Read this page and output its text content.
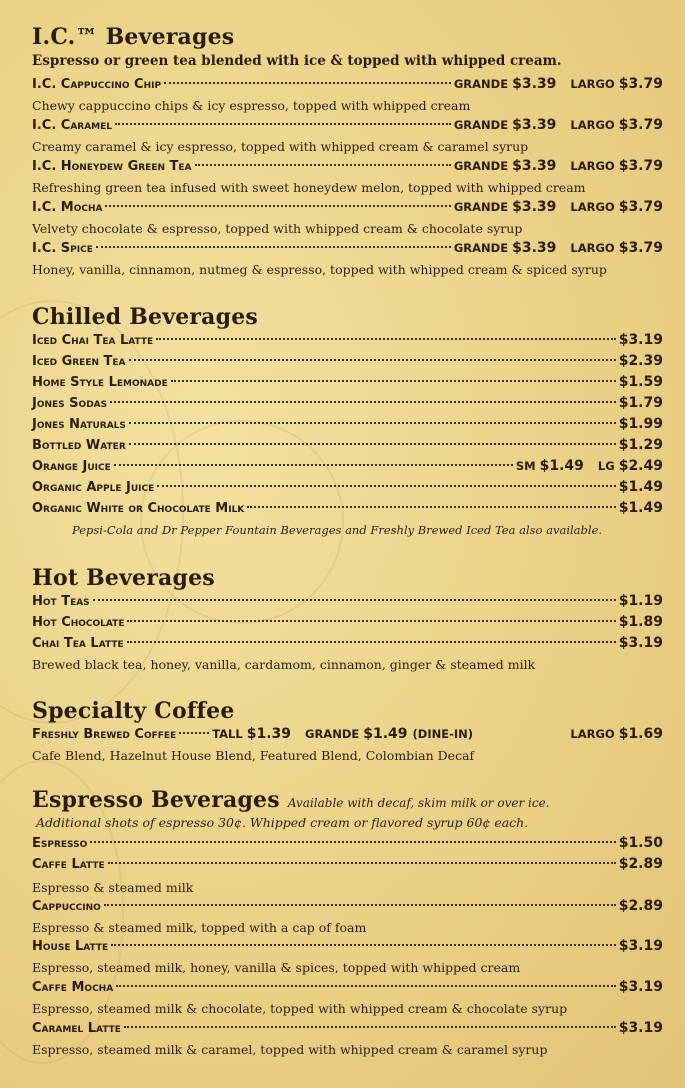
I.C.™ Beverages
Espresso or green tea blended with ice & topped with whipped cream.
I.C. Cappuccino Chip	GRANDE $3.39 LARGO $3.79
Chewy cappuccino chips & icy espresso, topped with whipped cream
I.C. Caramel	GRANDE $3.39 LARGO $3.79
Creamy caramel & icy espresso, topped with whipped cream & caramel syrup
I.C. Honeydew Green Tea	GRANDE $3.39 LARGO $3.79
Refreshing green tea infused with sweet honeydew melon, topped with whipped cream
I.C. Mocha	GRANDE $3.39 LARGO $3.79
Velvety chocolate & espresso, topped with whipped cream & chocolate syrup
I.C. Spice	GRANDE $3.39 LARGO $3.79
Honey, vanilla, cinnamon, nutmeg & espresso, topped with whipped cream & spiced syrup
Chilled Beverages
Iced Chai Tea Latte	$3.19
Iced Green Tea	$2.39
Home Style Lemonade	$1.59
Jones Sodas	$1.79
Jones Naturals	$1.99
Bottled Water	$1.29
Orange Juice	SM $1.49 LG $2.49
Organic Apple Juice	$1.49
Organic White or Chocolate Milk	$1.49
Pepsi-Cola and Dr Pepper Fountain Beverages and Freshly Brewed Iced Tea also available.
Hot Beverages
Hot Teas	$1.19
Hot Chocolate	$1.89
Chai Tea Latte	$3.19
Brewed black tea, honey, vanilla, cardamom, cinnamon, ginger & steamed milk
Specialty Coffee
Freshly Brewed Coffee	TALL $1.39 GRANDE $1.49 (DINE-IN)	LARGO $1.69
Cafe Blend, Hazelnut House Blend, Featured Blend, Colombian Decaf
Espresso Beverages Available with decaf, skim milk or over ice.
Additional shots of espresso 30¢. Whipped cream or flavored syrup 60¢ each.
Espresso	$1.50
Caffe Latte	$2.89
Espresso & steamed milk
Cappuccino	$2.89
Espresso & steamed milk, topped with a cap of foam
House Latte	$3.19
Espresso, steamed milk, honey, vanilla & spices, topped with whipped cream
Caffe Mocha	$3.19
Espresso, steamed milk & chocolate, topped with whipped cream & chocolate syrup
Caramel Latte	$3.19
Espresso, steamed milk & caramel, topped with whipped cream & caramel syrup
